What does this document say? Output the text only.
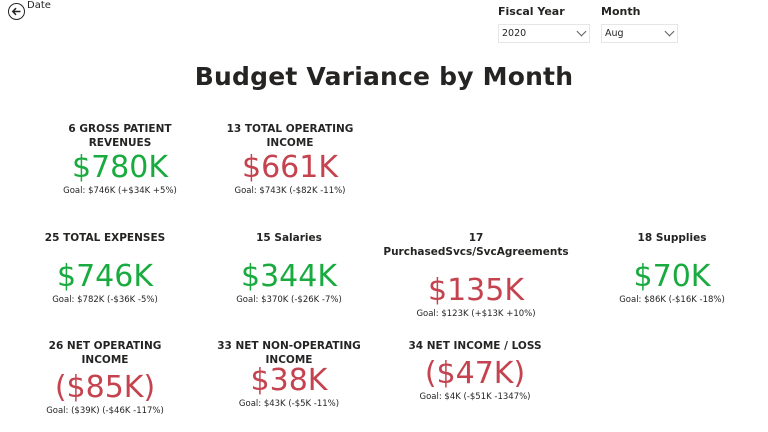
Date	Fiscal Year
2020
Month
Aug
Budget Variance by Month
6 GROSS PATIENT REVENUES
$780K
Goal: $746K (+$34K +5%)
13 TOTAL OPERATING INCOME
$661K
Goal: $743K (-$82K -11%)
25 TOTAL EXPENSES
$746K
Goal: $782K (-$36K -5%)
15 Salaries
$344K
Goal: $370K (-$26K -7%)
17 PurchasedSvcs/SvcAgreements
$135K
Goal: $123K (+$13K +10%)
18 Supplies
$70K
Goal: $86K (-$16K -18%)
26 NET OPERATING INCOME
($85K)
Goal: ($39K) (-$46K -117%)
33 NET NON-OPERATING INCOME
$38K
Goal: $43K (-$5K -11%)
34 NET INCOME / LOSS
($47K)
Goal: $4K (-$51K -1347%)
